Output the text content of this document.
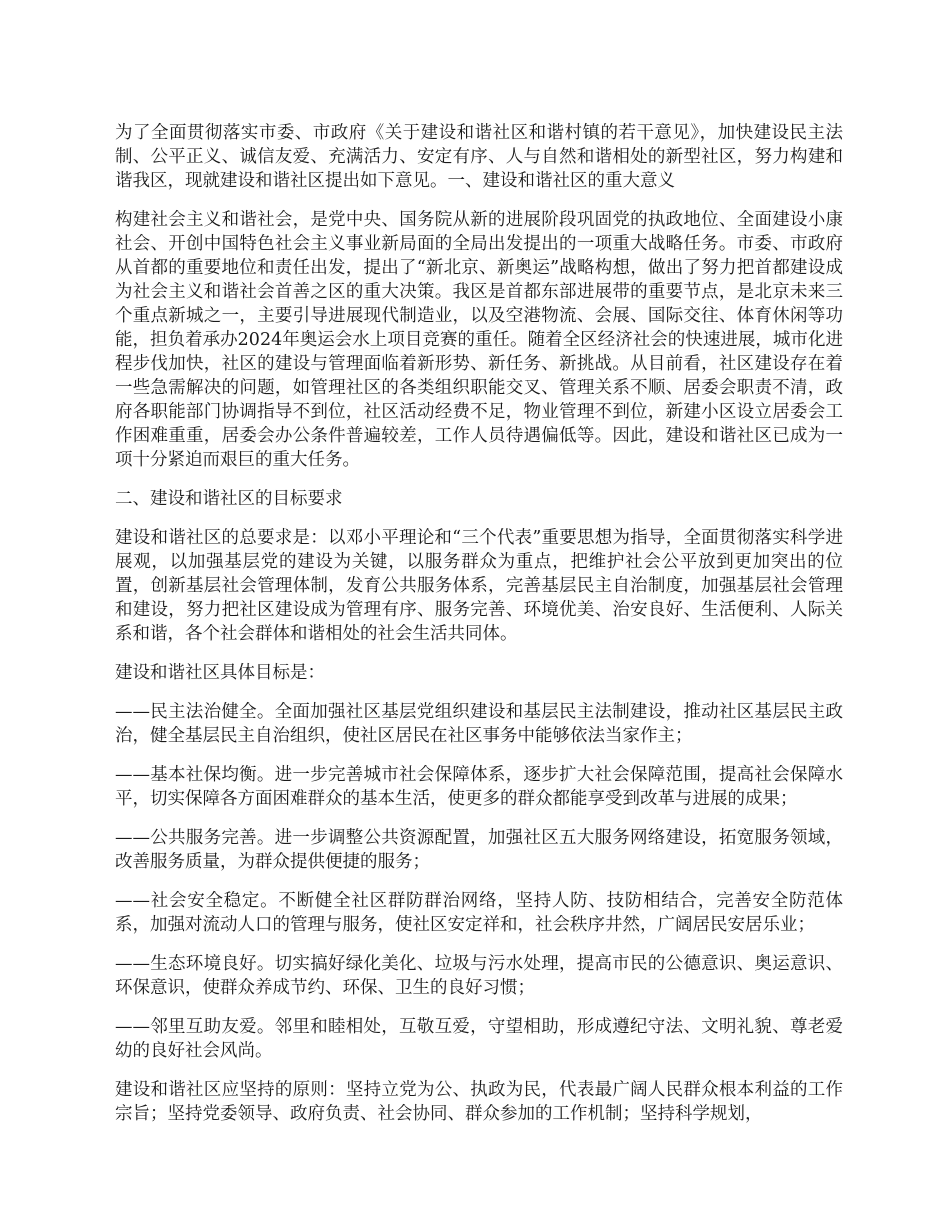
为了全面贯彻落实市委、市政府《关于建设和谐社区和谐村镇的若干意见》，加快建设民主法制、公平正义、诚信友爱、充满活力、安定有序、人与自然和谐相处的新型社区，努力构建和谐我区，现就建设和谐社区提出如下意见。一、建设和谐社区的重大意义

构建社会主义和谐社会，是党中央、国务院从新的进展阶段巩固党的执政地位、全面建设小康社会、开创中国特色社会主义事业新局面的全局出发提出的一项重大战略任务。市委、市政府从首都的重要地位和责任出发，提出了“新北京、新奥运”战略构想，做出了努力把首都建设成为社会主义和谐社会首善之区的重大决策。我区是首都东部进展带的重要节点，是北京未来三个重点新城之一，主要引导进展现代制造业，以及空港物流、会展、国际交往、体育休闲等功能，担负着承办2024年奥运会水上项目竞赛的重任。随着全区经济社会的快速进展，城市化进程步伐加快，社区的建设与管理面临着新形势、新任务、新挑战。从目前看，社区建设存在着一些急需解决的问题，如管理社区的各类组织职能交叉、管理关系不顺、居委会职责不清，政府各职能部门协调指导不到位，社区活动经费不足，物业管理不到位，新建小区设立居委会工作困难重重，居委会办公条件普遍较差，工作人员待遇偏低等。因此，建设和谐社区已成为一项十分紧迫而艰巨的重大任务。

二、建设和谐社区的目标要求

建设和谐社区的总要求是：以邓小平理论和“三个代表”重要思想为指导，全面贯彻落实科学进展观，以加强基层党的建设为关键，以服务群众为重点，把维护社会公平放到更加突出的位置，创新基层社会管理体制，发育公共服务体系，完善基层民主自治制度，加强基层社会管理和建设，努力把社区建设成为管理有序、服务完善、环境优美、治安良好、生活便利、人际关系和谐，各个社会群体和谐相处的社会生活共同体。

建设和谐社区具体目标是：

——民主法治健全。全面加强社区基层党组织建设和基层民主法制建设，推动社区基层民主政治，健全基层民主自治组织，使社区居民在社区事务中能够依法当家作主；

——基本社保均衡。进一步完善城市社会保障体系，逐步扩大社会保障范围，提高社会保障水平，切实保障各方面困难群众的基本生活，使更多的群众都能享受到改革与进展的成果；

——公共服务完善。进一步调整公共资源配置，加强社区五大服务网络建设，拓宽服务领域，改善服务质量，为群众提供便捷的服务；

——社会安全稳定。不断健全社区群防群治网络，坚持人防、技防相结合，完善安全防范体系，加强对流动人口的管理与服务，使社区安定祥和，社会秩序井然，广阔居民安居乐业；

——生态环境良好。切实搞好绿化美化、垃圾与污水处理，提高市民的公德意识、奥运意识、环保意识，使群众养成节约、环保、卫生的良好习惯；

——邻里互助友爱。邻里和睦相处，互敬互爱，守望相助，形成遵纪守法、文明礼貌、尊老爱幼的良好社会风尚。

建设和谐社区应坚持的原则：坚持立党为公、执政为民，代表最广阔人民群众根本利益的工作宗旨；坚持党委领导、政府负责、社会协同、群众参加的工作机制；坚持科学规划，
